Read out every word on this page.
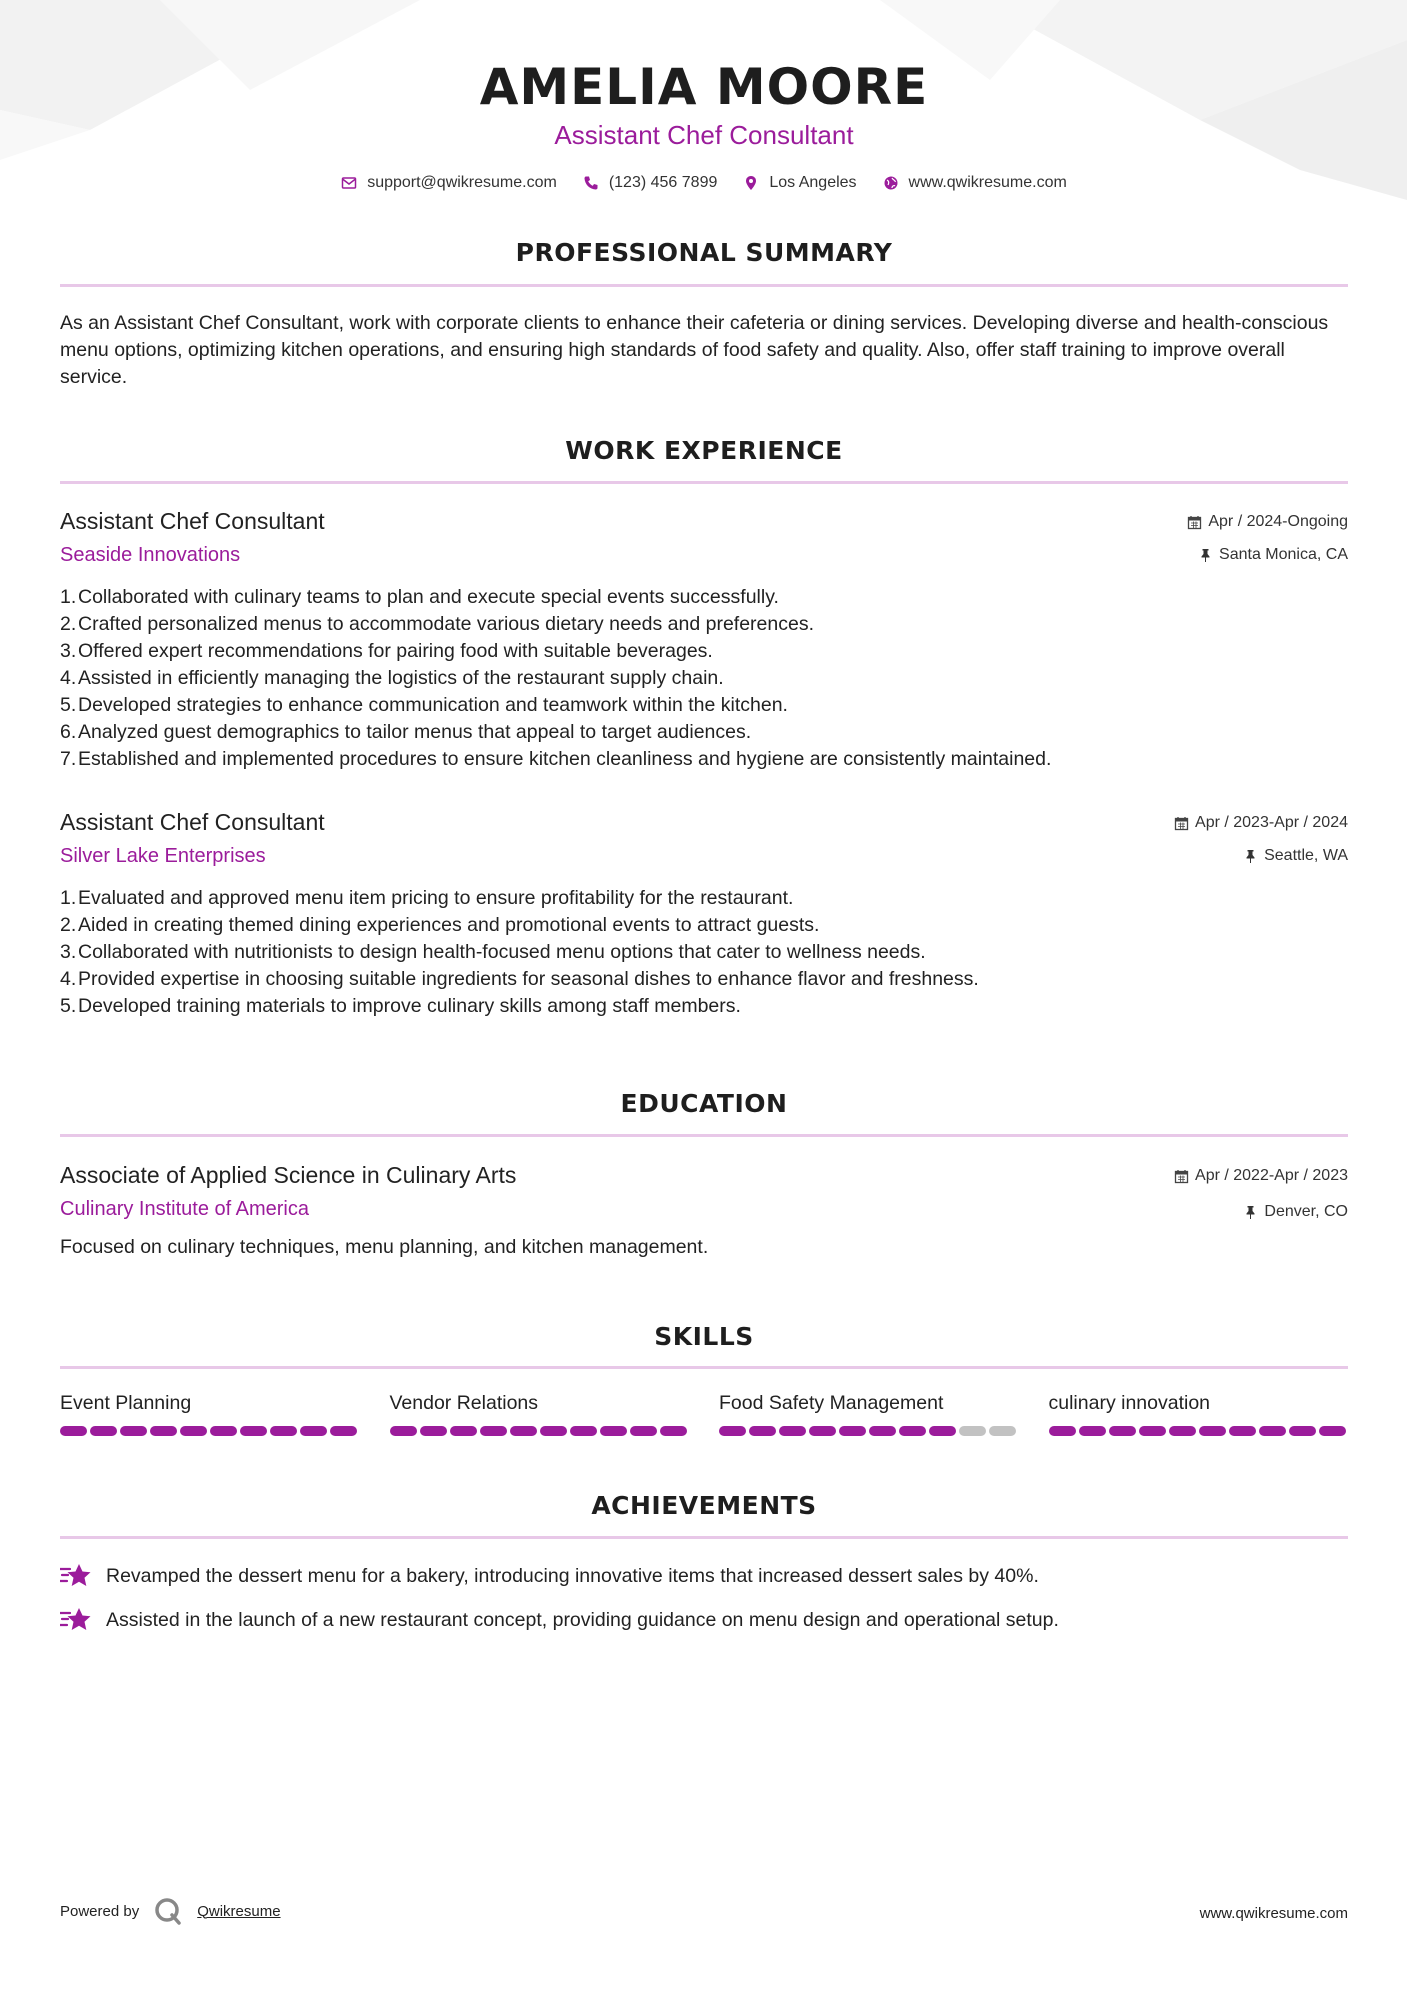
AMELIA MOORE
Assistant Chef Consultant
support@qwikresume.com	(123) 456 7899	Los Angeles	www.qwikresume.com
PROFESSIONAL SUMMARY
As an Assistant Chef Consultant, work with corporate clients to enhance their cafeteria or dining services. Developing diverse and health-conscious menu options, optimizing kitchen operations, and ensuring high standards of food safety and quality. Also, offer staff training to improve overall service.
WORK EXPERIENCE
Assistant Chef Consultant
Seaside Innovations
Apr / 2024-Ongoing
Santa Monica, CA
1. Collaborated with culinary teams to plan and execute special events successfully.
2. Crafted personalized menus to accommodate various dietary needs and preferences.
3. Offered expert recommendations for pairing food with suitable beverages.
4. Assisted in efficiently managing the logistics of the restaurant supply chain.
5. Developed strategies to enhance communication and teamwork within the kitchen.
6. Analyzed guest demographics to tailor menus that appeal to target audiences.
7. Established and implemented procedures to ensure kitchen cleanliness and hygiene are consistently maintained.
Assistant Chef Consultant
Silver Lake Enterprises
Apr / 2023-Apr / 2024
Seattle, WA
1. Evaluated and approved menu item pricing to ensure profitability for the restaurant.
2. Aided in creating themed dining experiences and promotional events to attract guests.
3. Collaborated with nutritionists to design health-focused menu options that cater to wellness needs.
4. Provided expertise in choosing suitable ingredients for seasonal dishes to enhance flavor and freshness.
5. Developed training materials to improve culinary skills among staff members.
EDUCATION
Associate of Applied Science in Culinary Arts
Culinary Institute of America
Apr / 2022-Apr / 2023
Denver, CO
Focused on culinary techniques, menu planning, and kitchen management.
SKILLS
Event Planning	Vendor Relations	Food Safety Management	culinary innovation
ACHIEVEMENTS
Revamped the dessert menu for a bakery, introducing innovative items that increased dessert sales by 40%.
Assisted in the launch of a new restaurant concept, providing guidance on menu design and operational setup.
Powered by	Qwikresume	www.qwikresume.com
